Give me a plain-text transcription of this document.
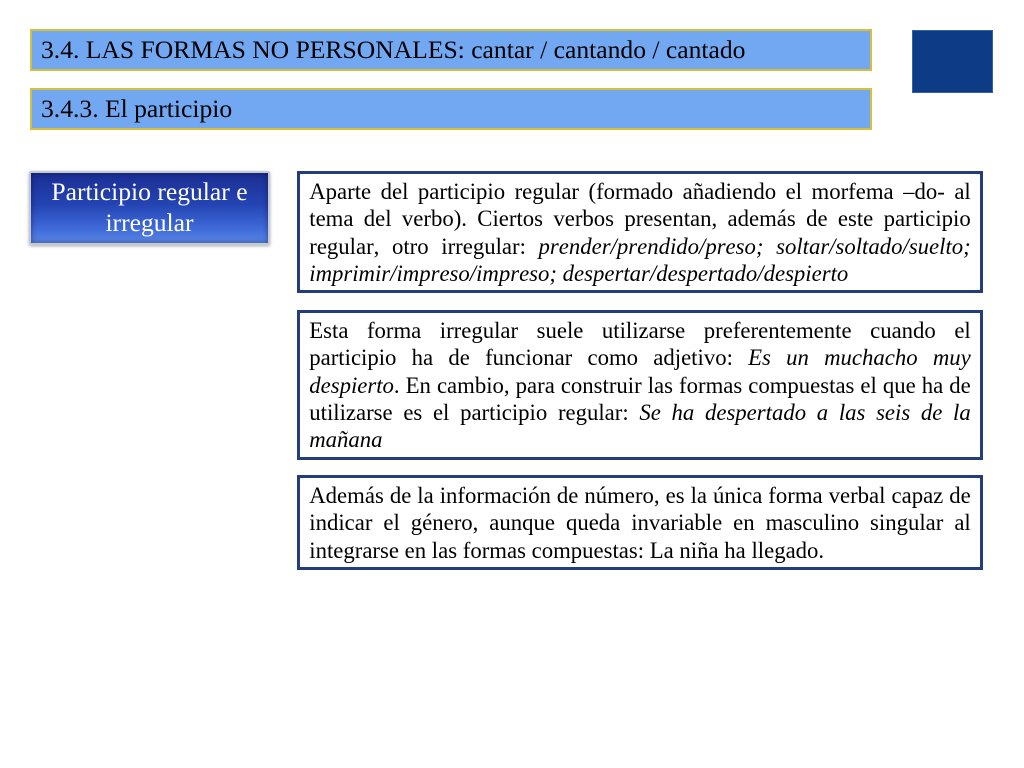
3.4. LAS FORMAS NO PERSONALES: cantar / cantando / cantado
3.4.3. El participio
Participio regular e irregular
Aparte del participio regular (formado añadiendo el morfema –do- al tema del verbo). Ciertos verbos presentan, además de este participio regular, otro irregular: prender/prendido/preso; soltar/soltado/suelto; imprimir/impreso/impreso; despertar/despertado/despierto
Esta forma irregular suele utilizarse preferentemente cuando el participio ha de funcionar como adjetivo: Es un muchacho muy despierto. En cambio, para construir las formas compuestas el que ha de utilizarse es el participio regular: Se ha despertado a las seis de la mañana
Además de la información de número, es la única forma verbal capaz de indicar el género, aunque queda invariable en masculino singular al integrarse en las formas compuestas: La niña ha llegado.
